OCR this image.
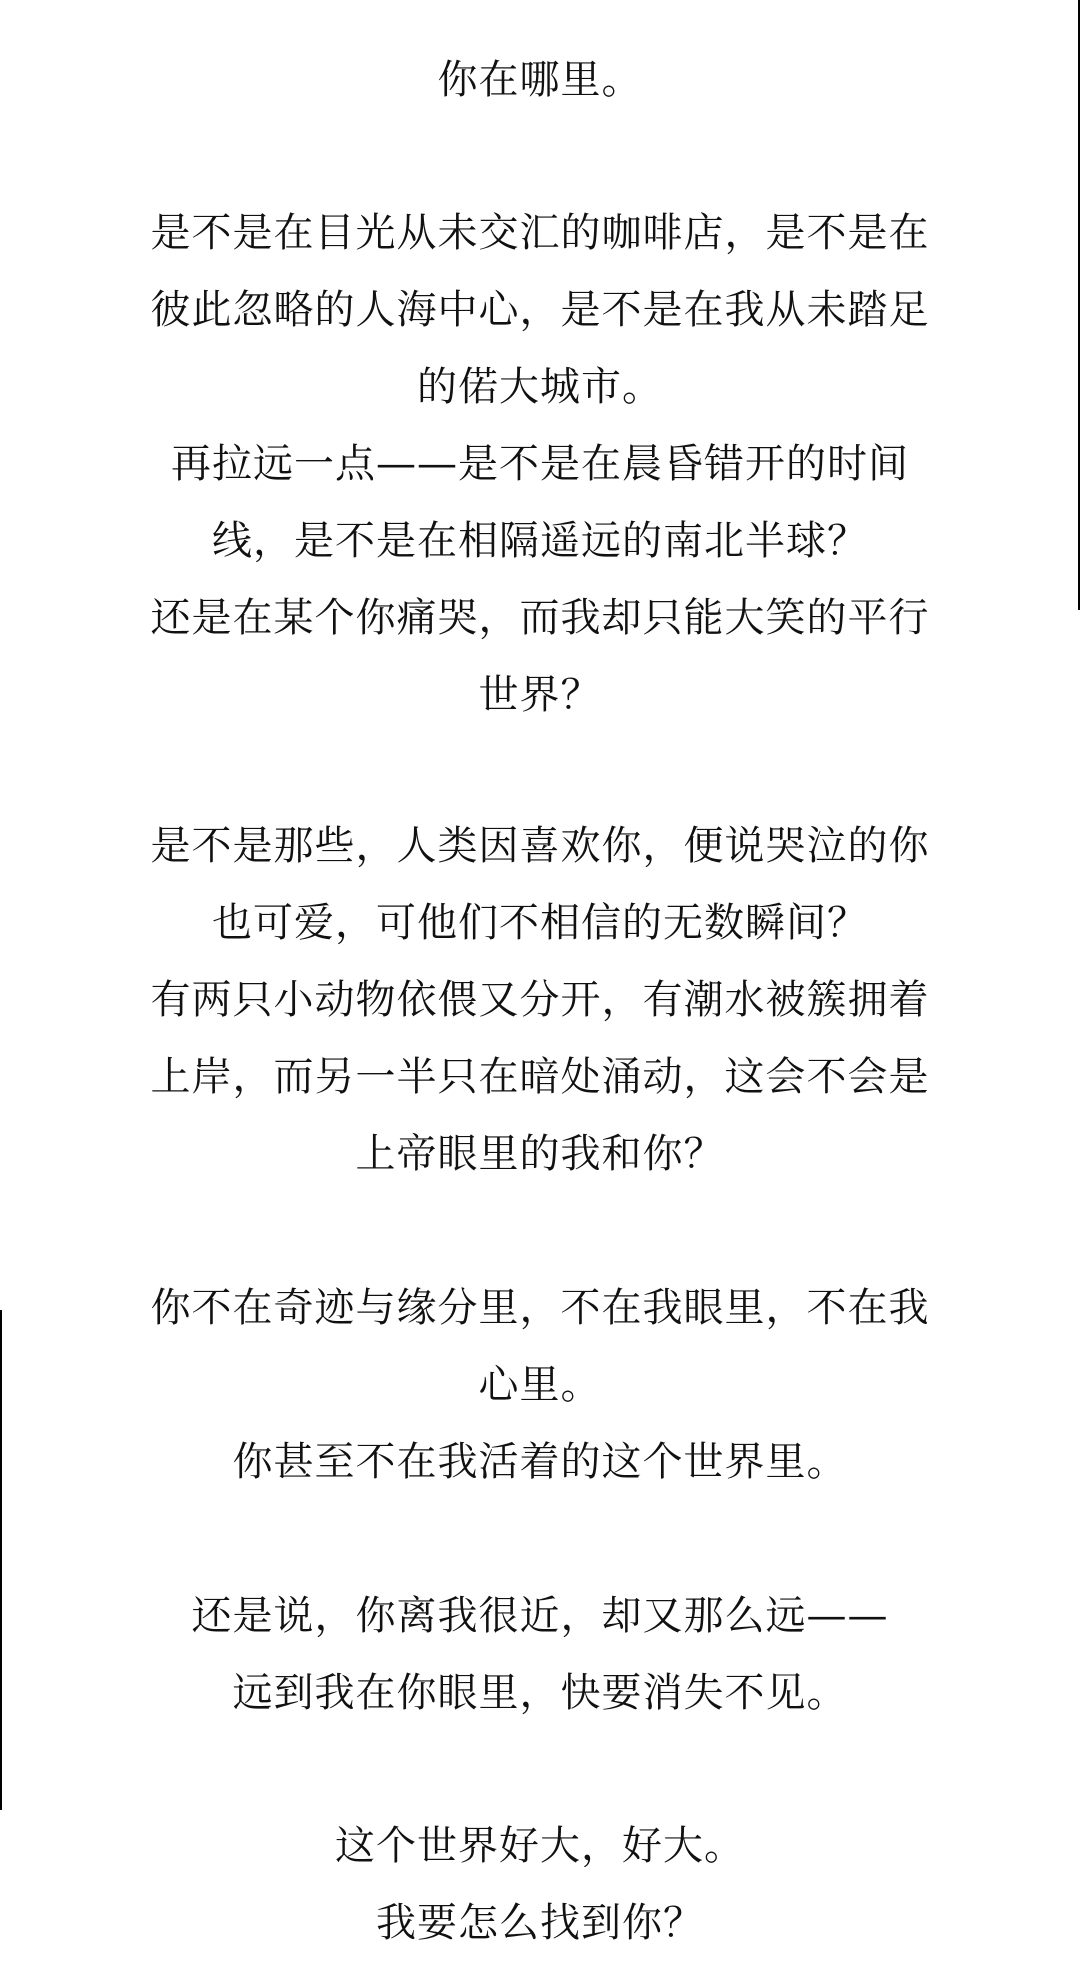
你在哪里。

是不是在目光从未交汇的咖啡店，是不是在彼此忽略的人海中心，是不是在我从未踏足的偌大城市。

再拉远一点——是不是在晨昏错开的时间线，是不是在相隔遥远的南北半球？

还是在某个你痛哭，而我却只能大笑的平行世界？

是不是那些，人类因喜欢你，便说哭泣的你也可爱，可他们不相信的无数瞬间？

有两只小动物依偎又分开，有潮水被簇拥着上岸，而另一半只在暗处涌动，这会不会是上帝眼里的我和你？

你不在奇迹与缘分里，不在我眼里，不在我心里。

你甚至不在我活着的这个世界里。

还是说，你离我很近，却又那么远——

远到我在你眼里，快要消失不见。

这个世界好大，好大。

我要怎么找到你？
